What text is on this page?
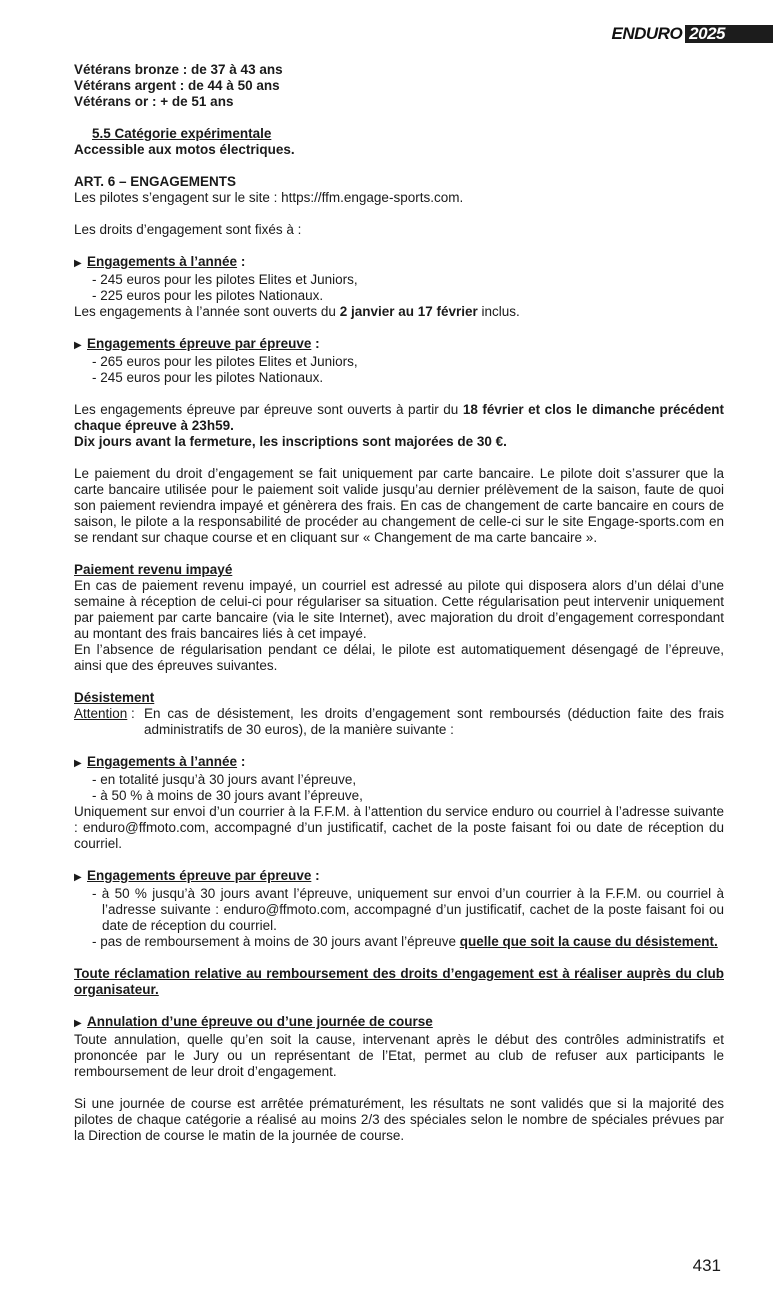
ENDURO 2025

Vétérans bronze : de 37 à 43 ans

Vétérans argent : de 44 à 50 ans

Vétérans or : + de 51 ans

5.5 Catégorie expérimentale

Accessible aux motos électriques.

ART. 6 – ENGAGEMENTS

Les pilotes s’engagent sur le site : https://ffm.engage-sports.com.

Les droits d’engagement sont fixés à :

▶ Engagements à l’année :

- 245 euros pour les pilotes Elites et Juniors,

- 225 euros pour les pilotes Nationaux.

Les engagements à l’année sont ouverts du 2 janvier au 17 février inclus.

▶ Engagements épreuve par épreuve :

- 265 euros pour les pilotes Elites et Juniors,

- 245 euros pour les pilotes Nationaux.

Les engagements épreuve par épreuve sont ouverts à partir du 18 février et clos le dimanche précédent chaque épreuve à 23h59.

Dix jours avant la fermeture, les inscriptions sont majorées de 30 €.

Le paiement du droit d’engagement se fait uniquement par carte bancaire. Le pilote doit s’assurer que la carte bancaire utilisée pour le paiement soit valide jusqu’au dernier prélèvement de la saison, faute de quoi son paiement reviendra impayé et génèrera des frais. En cas de changement de carte bancaire en cours de saison, le pilote a la responsabilité de procéder au changement de celle-ci sur le site Engage-sports.com en se rendant sur chaque course et en cliquant sur « Changement de ma carte bancaire ».

Paiement revenu impayé

En cas de paiement revenu impayé, un courriel est adressé au pilote qui disposera alors d’un délai d’une semaine à réception de celui-ci pour régulariser sa situation. Cette régularisation peut intervenir uniquement par paiement par carte bancaire (via le site Internet), avec majoration du droit d’engagement correspondant au montant des frais bancaires liés à cet impayé.

En l’absence de régularisation pendant ce délai, le pilote est automatiquement désengagé de l’épreuve, ainsi que des épreuves suivantes.

Désistement

Attention : En cas de désistement, les droits d’engagement sont remboursés (déduction faite des frais administratifs de 30 euros), de la manière suivante :

▶ Engagements à l’année :

- en totalité jusqu’à 30 jours avant l’épreuve,

- à 50 % à moins de 30 jours avant l’épreuve,

Uniquement sur envoi d’un courrier à la F.F.M. à l’attention du service enduro ou courriel à l’adresse suivante : enduro@ffmoto.com, accompagné d’un justificatif, cachet de la poste faisant foi ou date de réception du courriel.

▶ Engagements épreuve par épreuve :

- à 50 % jusqu’à 30 jours avant l’épreuve, uniquement sur envoi d’un courrier à la F.F.M. ou courriel à l’adresse suivante : enduro@ffmoto.com, accompagné d’un justificatif, cachet de la poste faisant foi ou date de réception du courriel.

- pas de remboursement à moins de 30 jours avant l’épreuve quelle que soit la cause du désistement.

Toute réclamation relative au remboursement des droits d’engagement est à réaliser auprès du club organisateur.

▶ Annulation d’une épreuve ou d’une journée de course

Toute annulation, quelle qu’en soit la cause, intervenant après le début des contrôles administratifs et prononcée par le Jury ou un représentant de l’Etat, permet au club de refuser aux participants le remboursement de leur droit d’engagement.

Si une journée de course est arrêtée prématurément, les résultats ne sont validés que si la majorité des pilotes de chaque catégorie a réalisé au moins 2/3 des spéciales selon le nombre de spéciales prévues par la Direction de course le matin de la journée de course.

431
